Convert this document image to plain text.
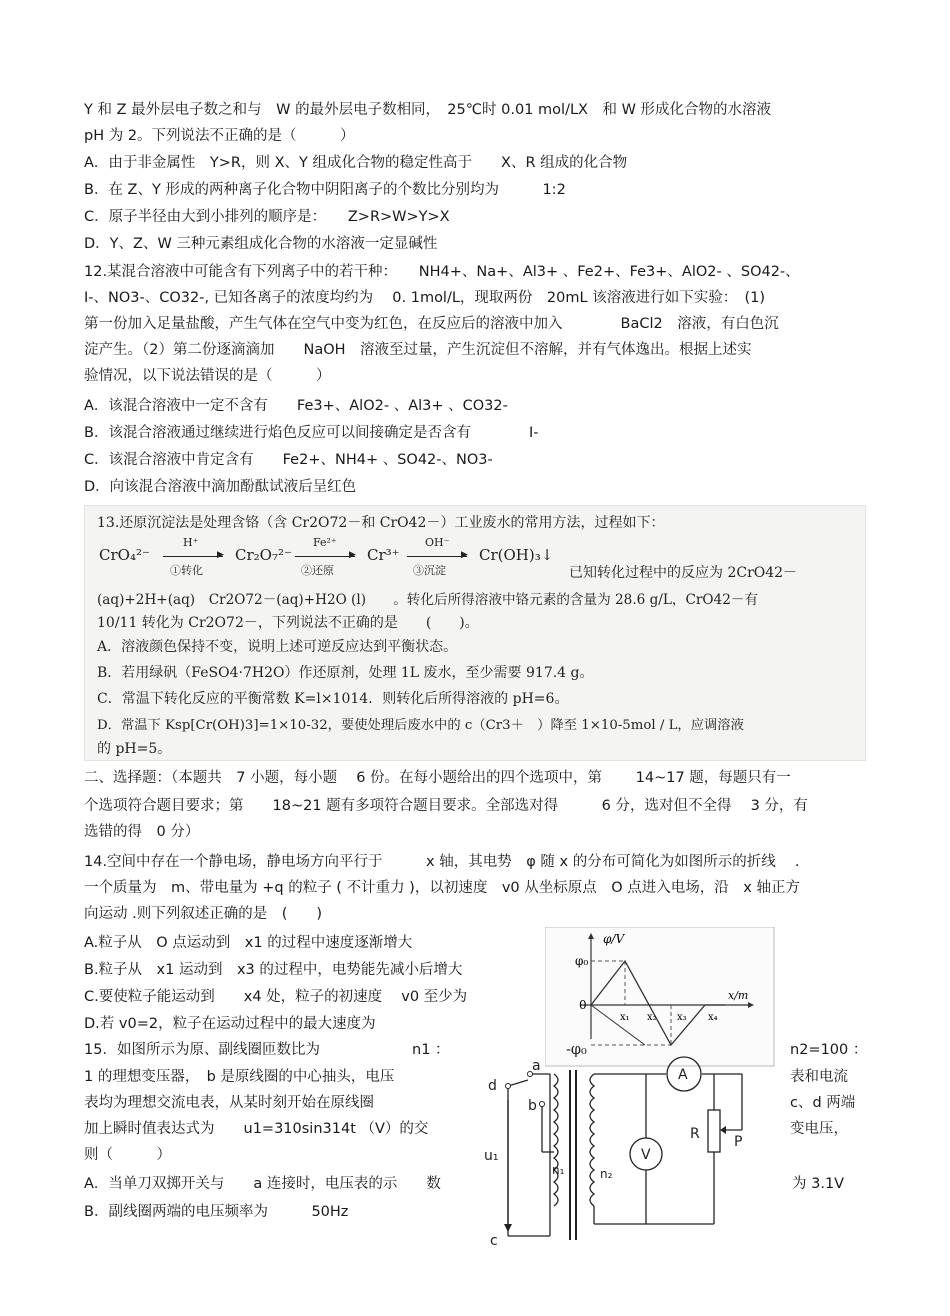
Y 和 Z 最外层电子数之和与　W 的最外层电子数相同，　25℃时 0.01 mol/LX　和 W 形成化合物的水溶液
pH 为 2。下列说法不正确的是（　　　）
A．由于非金属性　Y>R，则 X、Y 组成化合物的稳定性高于　　X、R 组成的化合物
B．在 Z、Y 形成的两种离子化合物中阴阳离子的个数比分别均为　　　1:2
C．原子半径由大到小排列的顺序是：　　Z>R>W>Y>X
D．Y、Z、W 三种元素组成化合物的水溶液一定显碱性
12.某混合溶液中可能含有下列离子中的若干种：　　NH4+、Na+、Al3+ 、Fe2+、Fe3+、AlO2- 、SO42-、
I-、NO3-、CO32-, 已知各离子的浓度均约为　 0. 1mol/L，现取两份　20mL 该溶液进行如下实验：　(1)
第一份加入足量盐酸，产生气体在空气中变为红色，在反应后的溶液中加入　　　　BaCl2　溶液，有白色沉
淀产生。（2）第二份逐滴滴加　　NaOH　溶液至过量，产生沉淀但不溶解，并有气体逸出。根据上述实
验情况，以下说法错误的是（　　　）
A．该混合溶液中一定不含有　　Fe3+、AlO2- 、Al3+ 、CO32-
B．该混合溶液通过继续进行焰色反应可以间接确定是否含有　　　　I-
C．该混合溶液中肯定含有　　Fe2+、NH4+ 、SO42-、NO3-
D．向该混合溶液中滴加酚酞试液后呈红色
13.还原沉淀法是处理含铬（含 Cr2O72－和 CrO42－）工业废水的常用方法，过程如下：
CrO₄²⁻
H⁺
①转化
▶ Cr₂O₇²⁻
Fe²⁺
②还原
▶ Cr³⁺
OH⁻
③沉淀
▶ Cr(OH)₃↓
已知转化过程中的反应为 2CrO42－
(aq)+2H+(aq)　Cr2O72－(aq)+H2O (l)　　。转化后所得溶液中铬元素的含量为 28.6 g/L，CrO42－有
10/11 转化为 Cr2O72－，下列说法不正确的是　　(　　)。
A．溶液颜色保持不变，说明上述可逆反应达到平衡状态。
B．若用绿矾（FeSO4·7H2O）作还原剂，处理 1L 废水，至少需要 917.4 g。
C．常温下转化反应的平衡常数 K=l×1014．则转化后所得溶液的 pH=6。
D．常温下 Ksp[Cr(OH)3]=1×10-32，要使处理后废水中的 c（Cr3＋　）降至 1×10-5mol / L，应调溶液
的 pH=5。
二、选择题：（本题共　7 小题，每小题　 6 份。在每小题给出的四个选项中，第　　 14~17 题，每题只有一
个选项符合题目要求；第　　18~21 题有多项符合题目要求。全部选对得　　　6 分，选对但不全得　 3 分，有
选错的得　0 分）
14.空间中存在一个静电场，静电场方向平行于　　　x 轴，其电势　φ 随 x 的分布可简化为如图所示的折线　 .
一个质量为　m、带电量为 +q 的粒子 ( 不计重力 )，以初速度　v0 从坐标原点　O 点进入电场，沿　x 轴正方
向运动 .则下列叙述正确的是　(　　)
A.粒子从　O 点运动到　x1 的过程中速度逐渐增大
B.粒子从　x1 运动到　x3 的过程中，电势能先减小后增大
C.要使粒子能运动到　　x4 处，粒子的初速度　 v0 至少为
D.若 v0=2，粒子在运动过程中的最大速度为
15．如图所示为原、副线圈匝数比为	n1 ：	n2=100 ：
1 的理想变压器，　b 是原线圈的中心抽头，电压	表和电流
表均为理想交流电表，从某时刻开始在原线圈	c、d 两端
加上瞬时值表达式为　　u1=310sin314t （V）的交	变电压，
则（　　　）
A．当单刀双掷开关与　　a 连接时，电压表的示　　数	为 3.1V
B．副线圈两端的电压频率为　　　50Hz
φ/V
x/m
φ₀
0
x₁ x₂ x₃ x₄
a
d
b
c
u₁
n₁	n₂
A
V
R P
-φ₀
